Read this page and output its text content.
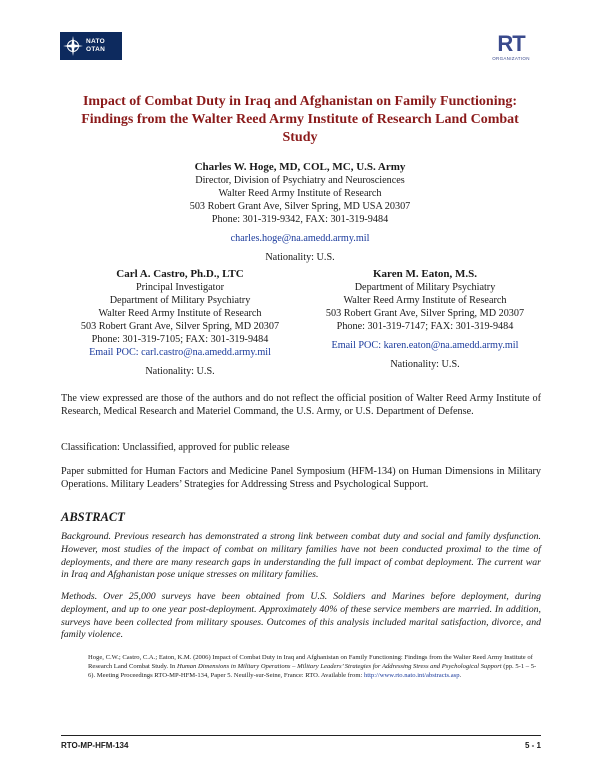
NATO
OTAN	RT
ORGANIZATION
Impact of Combat Duty in Iraq and Afghanistan on Family Functioning: Findings from the Walter Reed Army Institute of Research Land Combat Study
Charles W. Hoge, MD, COL, MC, U.S. Army
Director, Division of Psychiatry and Neurosciences
Walter Reed Army Institute of Research
503 Robert Grant Ave, Silver Spring, MD USA 20307
Phone: 301-319-9342, FAX: 301-319-9484
charles.hoge@na.amedd.army.mil
Nationality: U.S.
Carl A. Castro, Ph.D., LTC
Principal Investigator
Department of Military Psychiatry
Walter Reed Army Institute of Research
503 Robert Grant Ave, Silver Spring, MD 20307
Phone: 301-319-7105; FAX: 301-319-9484
Email POC: carl.castro@na.amedd.army.mil
Nationality: U.S.
Karen M. Eaton, M.S.
Department of Military Psychiatry
Walter Reed Army Institute of Research
503 Robert Grant Ave, Silver Spring, MD 20307
Phone: 301-319-7147; FAX: 301-319-9484
Email POC: karen.eaton@na.amedd.army.mil
Nationality: U.S.

The view expressed are those of the authors and do not reflect the official position of Walter Reed Army Institute of Research, Medical Research and Materiel Command, the U.S. Army, or U.S. Department of Defense.

Classification: Unclassified, approved for public release

Paper submitted for Human Factors and Medicine Panel Symposium (HFM-134) on Human Dimensions in Military Operations. Military Leaders’ Strategies for Addressing Stress and Psychological Support.

ABSTRACT

Background. Previous research has demonstrated a strong link between combat duty and social and family dysfunction. However, most studies of the impact of combat on military families have not been conducted proximal to the time of deployments, and there are many research gaps in understanding the full impact of combat deployment. The current war in Iraq and Afghanistan pose unique stresses on military families.

Methods. Over 25,000 surveys have been obtained from U.S. Soldiers and Marines before deployment, during deployment, and up to one year post-deployment. Approximately 40% of these service members are married. In addition, surveys have been collected from military spouses. Outcomes of this analysis included marital satisfaction, divorce, and family violence.

Hoge, C.W.; Castro, C.A.; Eaton, K.M. (2006) Impact of Combat Duty in Iraq and Afghanistan on Family Functioning: Findings from the Walter Reed Army Institute of Research Land Combat Study. In Human Dimensions in Military Operations – Military Leaders’ Strategies for Addressing Stress and Psychological Support (pp. 5-1 – 5-6). Meeting Proceedings RTO-MP-HFM-134, Paper 5. Neuilly-sur-Seine, France: RTO. Available from: http://www.rto.nato.int/abstracts.asp.
RTO-MP-HFM-134	5 - 1
